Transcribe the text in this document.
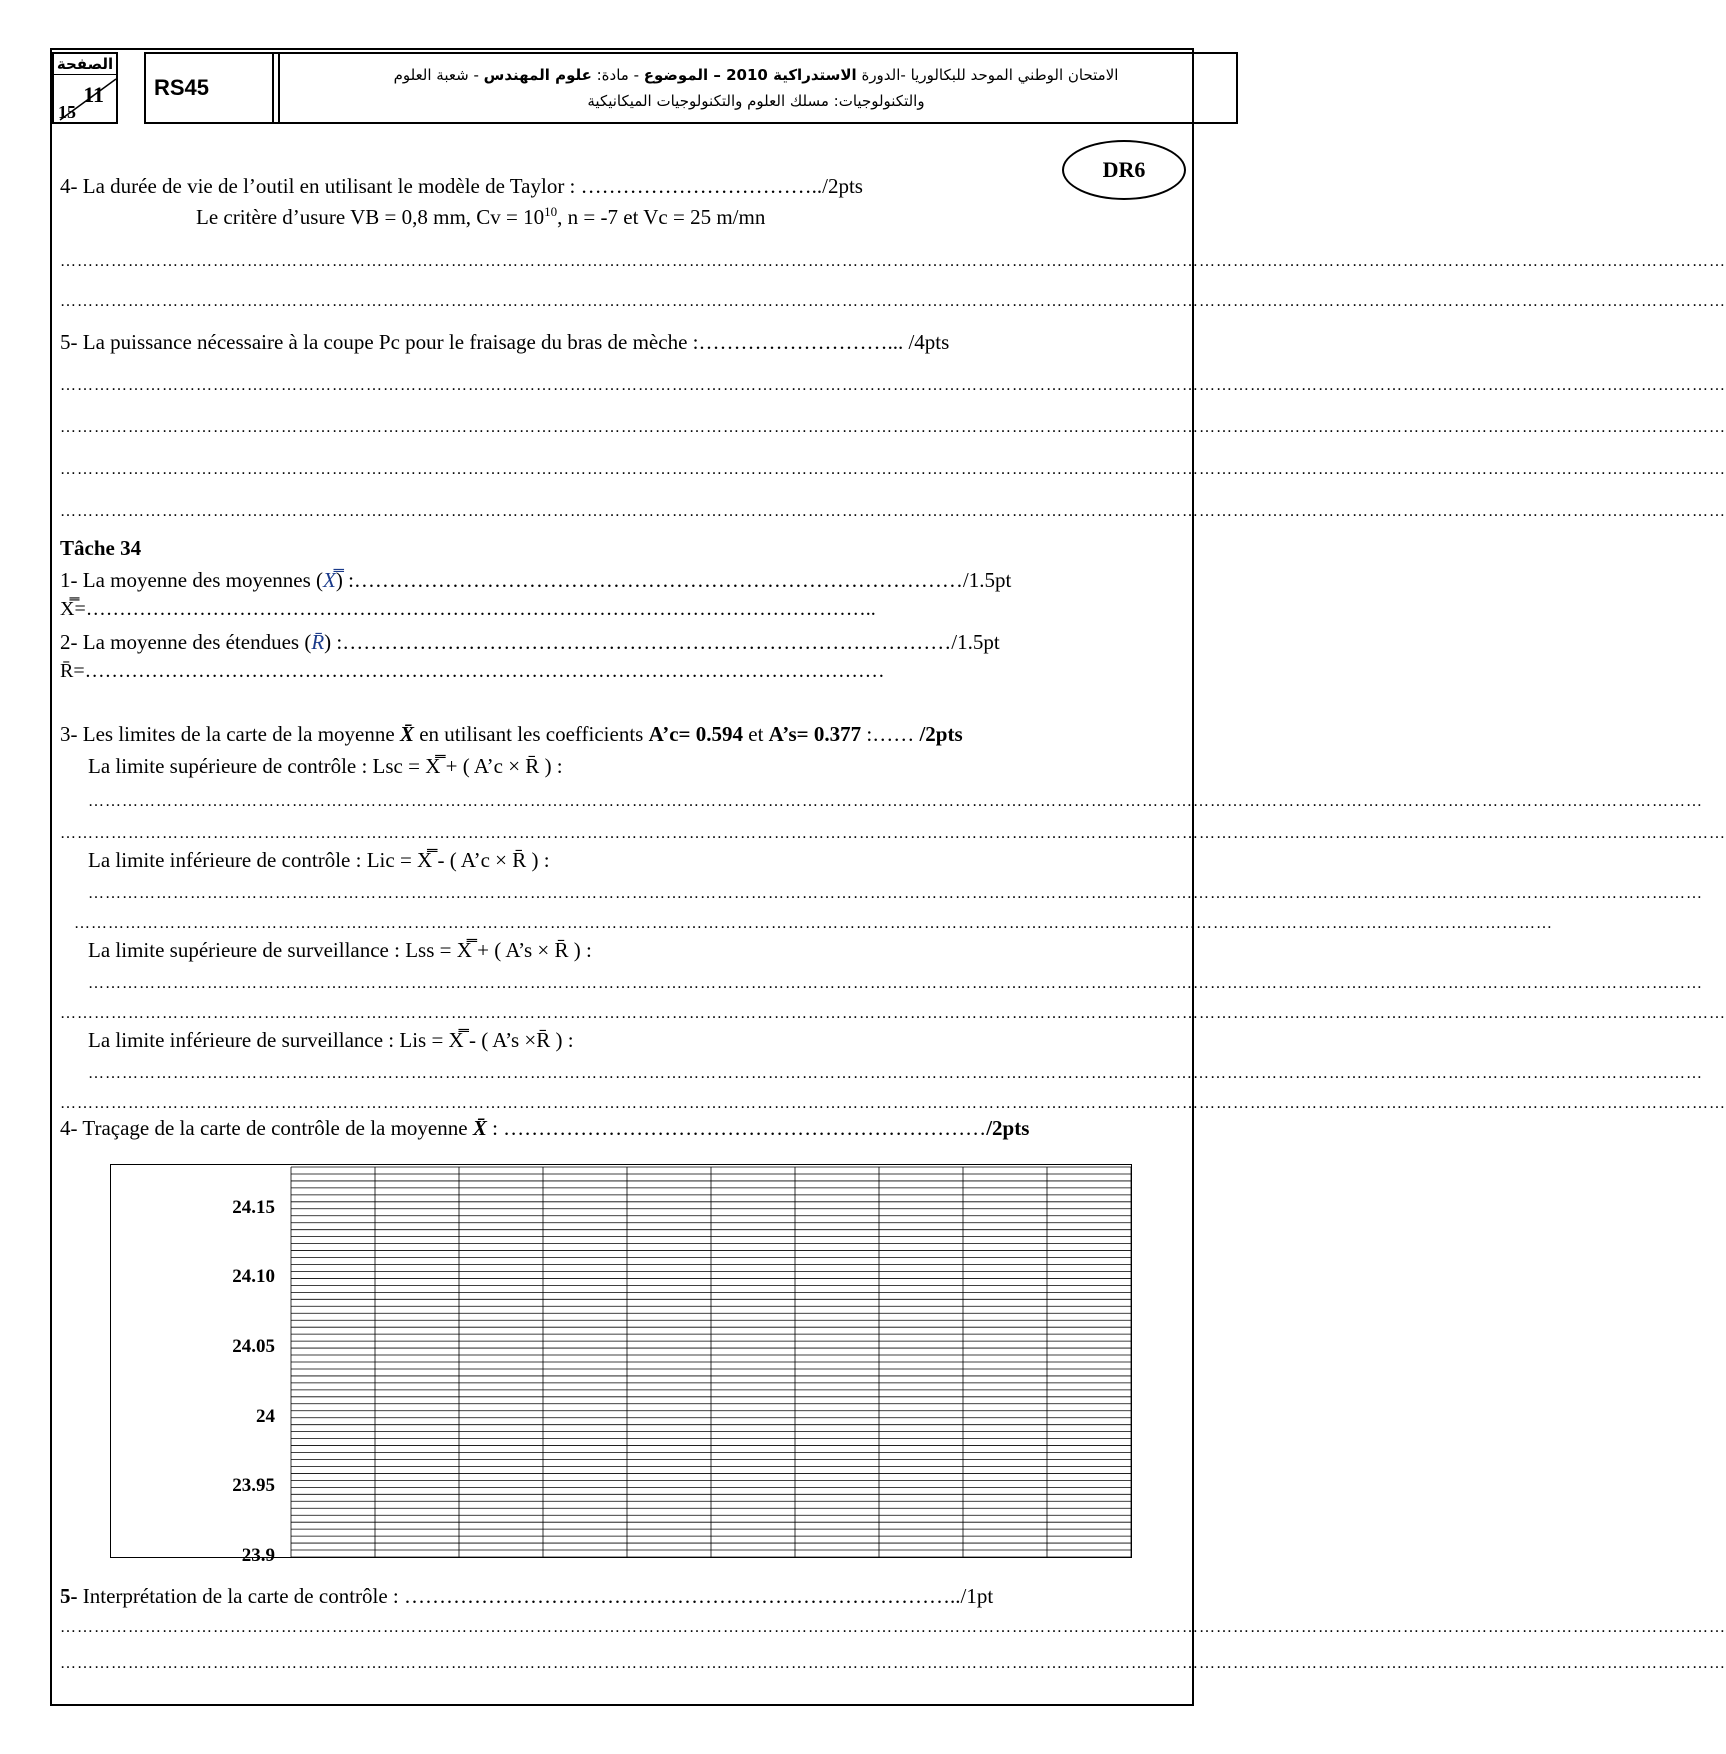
الصفحة
11
15
RS45	الامتحان الوطني الموحد للبكالوريا -الدورة الاستدراكية 2010 – الموضوع - مادة: علوم المهندس - شعبة العلوم
والتكنولوجيات: مسلك العلوم والتكنولوجيات الميكانيكية
DR6
4- La durée de vie de l’outil en utilisant le modèle de Taylor : ……………………………../2pts
Le critère d’usure VB = 0,8 mm, $Cv = 10^{10}$, n = -7 et Vc = 25 m/mn
……………………………………………………………………………………………………………………………………………………………………………………………………………………………………………………………………
……………………………………………………………………………………………………………………………………………………………………………………………………………………………………………………………………
5- La puissance nécessaire à la coupe Pc pour le fraisage du bras de mèche :………………………... /4pts
……………………………………………………………………………………………………………………………………………………………………………………………………………………………………………………………………
……………………………………………………………………………………………………………………………………………………………………………………………………………………………………………………………………
……………………………………………………………………………………………………………………………………………………………………………………………………………………………………………………………………
……………………………………………………………………………………………………………………………………………………………………………………………………………………………………………………………………
Tâche 34
1- La moyenne des moyennes (X̿) :……………………………………………………………………………/1.5pt
X̿=………………………………………………………………………………………………………..
2- La moyenne des étendues (R̄) :……………………………………………………………………………/1.5pt
R̄=…………………………………………………………………………………………………………
3- Les limites de la carte de la moyenne X̄ en utilisant les coefficients A’c= 0.594 et A’s= 0.377 :…… /2pts
La limite supérieure de contrôle : Lsc = X̿ + ( A’c × R̄ ) :
……………………………………………………………………………………………………………………………………………………………………………………………………………………………………………………………
……………………………………………………………………………………………………………………………………………………………………………………………………………………………………………………………………
La limite inférieure de contrôle : Lic = X̿ - ( A’c × R̄ ) :
……………………………………………………………………………………………………………………………………………………………………………………………………………………………………………………………
………………………………………………………………………………………………………………………………………………………………………………………………………………………………………
La limite supérieure de surveillance : Lss = X̿ + ( A’s × R̄ ) :
……………………………………………………………………………………………………………………………………………………………………………………………………………………………………………………………
……………………………………………………………………………………………………………………………………………………………………………………………………………………………………………………………………
La limite inférieure de surveillance : Lis = X̿ - ( A’s ×R̄ ) :
……………………………………………………………………………………………………………………………………………………………………………………………………………………………………………………………
……………………………………………………………………………………………………………………………………………………………………………………………………………………………………………………………………
4- Traçage de la carte de contrôle de la moyenne X̄ : ……………………………………………………………/2pts
24.15
24.10
24.05
24
23.95
23.9
5- Interprétation de la carte de contrôle : ……………………………………………………………………../1pt
……………………………………………………………………………………………………………………………………………………………………………………………………………………………………………………………………
……………………………………………………………………………………………………………………………………………………………………………………………………………………………………………………………………
